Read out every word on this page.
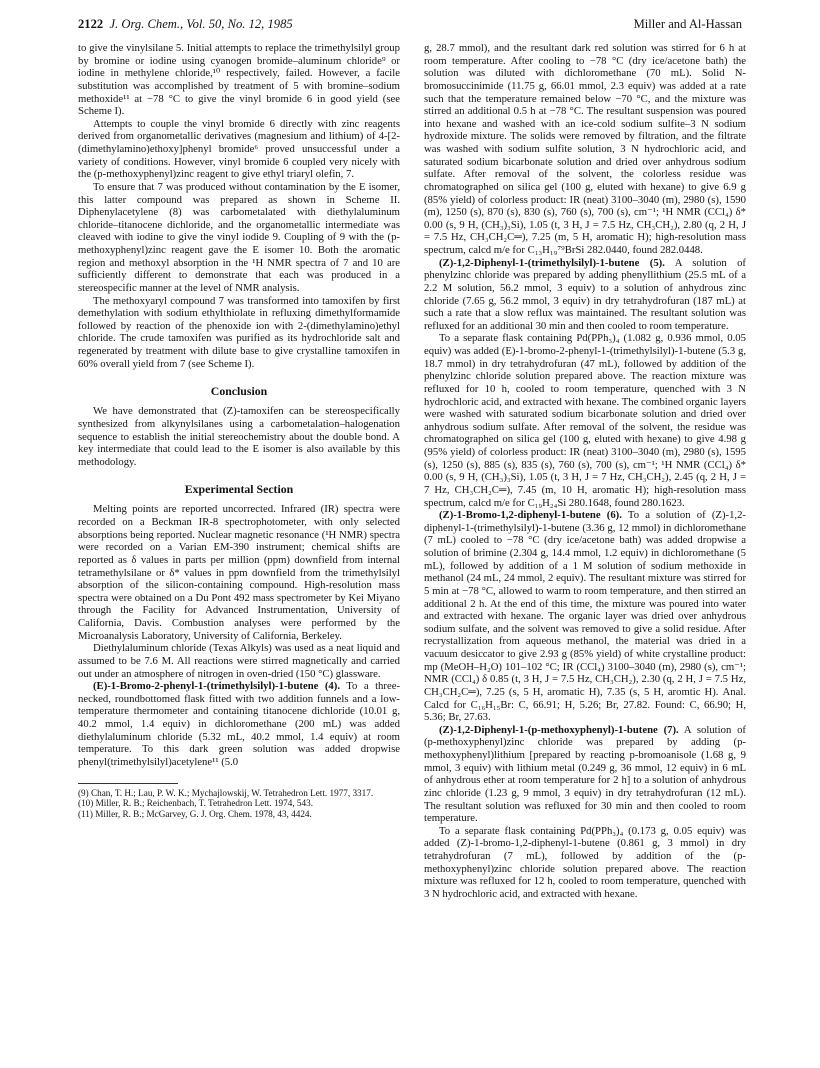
2122 J. Org. Chem., Vol. 50, No. 12, 1985	Miller and Al-Hassan

to give the vinylsilane 5. Initial attempts to replace the trimethylsilyl group by bromine or iodine using cyanogen bromide–aluminum chloride⁹ or iodine in methylene chloride,¹⁰ respectively, failed. However, a facile substitution was accomplished by treatment of 5 with bromine–sodium methoxide¹¹ at −78 °C to give the vinyl bromide 6 in good yield (see Scheme I).

Attempts to couple the vinyl bromide 6 directly with zinc reagents derived from organometallic derivatives (magnesium and lithium) of 4-[2-(dimethylamino)ethoxy]phenyl bromide⁶ proved unsuccessful under a variety of conditions. However, vinyl bromide 6 coupled very nicely with the (p-methoxyphenyl)zinc reagent to give ethyl triaryl olefin, 7.

To ensure that 7 was produced without contamination by the E isomer, this latter compound was prepared as shown in Scheme II. Diphenylacetylene (8) was carbometalated with diethylaluminum chloride–titanocene dichloride, and the organometallic intermediate was cleaved with iodine to give the vinyl iodide 9. Coupling of 9 with the (p-methoxyphenyl)zinc reagent gave the E isomer 10. Both the aromatic region and methoxyl absorption in the ¹H NMR spectra of 7 and 10 are sufficiently different to demonstrate that each was produced in a stereospecific manner at the level of NMR analysis.

The methoxyaryl compound 7 was transformed into tamoxifen by first demethylation with sodium ethylthiolate in refluxing dimethylformamide followed by reaction of the phenoxide ion with 2-(dimethylamino)ethyl chloride. The crude tamoxifen was purified as its hydrochloride salt and regenerated by treatment with dilute base to give crystalline tamoxifen in 60% overall yield from 7 (see Scheme I).

Conclusion

We have demonstrated that (Z)-tamoxifen can be stereospecifically synthesized from alkynylsilanes using a carbometalation–halogenation sequence to establish the initial stereochemistry about the double bond. A key intermediate that could lead to the E isomer is also available by this methodology.

Experimental Section

Melting points are reported uncorrected. Infrared (IR) spectra were recorded on a Beckman IR-8 spectrophotometer, with only selected absorptions being reported. Nuclear magnetic resonance (¹H NMR) spectra were recorded on a Varian EM-390 instrument; chemical shifts are reported as δ values in parts per million (ppm) downfield from internal tetramethylsilane or δ* values in ppm downfield from the trimethylsilyl absorption of the silicon-containing compound. High-resolution mass spectra were obtained on a Du Pont 492 mass spectrometer by Kei Miyano through the Facility for Advanced Instrumentation, University of California, Davis. Combustion analyses were performed by the Microanalysis Laboratory, University of California, Berkeley.

Diethylaluminum chloride (Texas Alkyls) was used as a neat liquid and assumed to be 7.6 M. All reactions were stirred magnetically and carried out under an atmosphere of nitrogen in oven-dried (150 °C) glassware.

(E)-1-Bromo-2-phenyl-1-(trimethylsilyl)-1-butene (4). To a three-necked, roundbottomed flask fitted with two addition funnels and a low-temperature thermometer and containing titanocene dichloride (10.01 g, 40.2 mmol, 1.4 equiv) in dichloromethane (200 mL) was added diethylaluminum chloride (5.32 mL, 40.2 mmol, 1.4 equiv) at room temperature. To this dark green solution was added dropwise phenyl(trimethylsilyl)acetylene¹¹ (5.0

(9) Chan, T. H.; Lau, P. W. K.; Mychajlowskij, W. Tetrahedron Lett. 1977, 3317.

(10) Miller, R. B.; Reichenbach, T. Tetrahedron Lett. 1974, 543.

(11) Miller, R. B.; McGarvey, G. J. Org. Chem. 1978, 43, 4424.

g, 28.7 mmol), and the resultant dark red solution was stirred for 6 h at room temperature. After cooling to −78 °C (dry ice/acetone bath) the solution was diluted with dichloromethane (70 mL). Solid N-bromosuccinimide (11.75 g, 66.01 mmol, 2.3 equiv) was added at a rate such that the temperature remained below −70 °C, and the mixture was stirred an additional 0.5 h at −78 °C. The resultant suspension was poured into hexane and washed with an ice-cold sodium sulfite–3 N sodium hydroxide mixture. The solids were removed by filtration, and the filtrate was washed with sodium sulfite solution, 3 N hydrochloric acid, and saturated sodium bicarbonate solution and dried over anhydrous sodium sulfate. After removal of the solvent, the colorless residue was chromatographed on silica gel (100 g, eluted with hexane) to give 6.9 g (85% yield) of colorless product: IR (neat) 3100–3040 (m), 2980 (s), 1590 (m), 1250 (s), 870 (s), 830 (s), 760 (s), 700 (s), cm⁻¹; ¹H NMR (CCl₄) δ* 0.00 (s, 9 H, (CH₃)₃Si), 1.05 (t, 3 H, J = 7.5 Hz, CH₃CH₂), 2.80 (q, 2 H, J = 7.5 Hz, CH₃CH₂C═), 7.25 (m, 5 H, aromatic H); high-resolution mass spectrum, calcd m/e for C₁₃H₁₉⁷⁹BrSi 282.0440, found 282.0448.

(Z)-1,2-Diphenyl-1-(trimethylsilyl)-1-butene (5). A solution of phenylzinc chloride was prepared by adding phenyllithium (25.5 mL of a 2.2 M solution, 56.2 mmol, 3 equiv) to a solution of anhydrous zinc chloride (7.65 g, 56.2 mmol, 3 equiv) in dry tetrahydrofuran (187 mL) at such a rate that a slow reflux was maintained. The resultant solution was refluxed for an additional 30 min and then cooled to room temperature.

To a separate flask containing Pd(PPh₃)₄ (1.082 g, 0.936 mmol, 0.05 equiv) was added (E)-1-bromo-2-phenyl-1-(trimethylsilyl)-1-butene (5.3 g, 18.7 mmol) in dry tetrahydrofuran (47 mL), followed by addition of the phenylzinc chloride solution prepared above. The reaction mixture was refluxed for 10 h, cooled to room temperature, quenched with 3 N hydrochloric acid, and extracted with hexane. The combined organic layers were washed with saturated sodium bicarbonate solution and dried over anhydrous sodium sulfate. After removal of the solvent, the residue was chromatographed on silica gel (100 g, eluted with hexane) to give 4.98 g (95% yield) of colorless product: IR (neat) 3100–3040 (m), 2980 (s), 1595 (s), 1250 (s), 885 (s), 835 (s), 760 (s), 700 (s), cm⁻¹; ¹H NMR (CCl₄) δ* 0.00 (s, 9 H, (CH₃)₃Si), 1.05 (t, 3 H, J = 7 Hz, CH₃CH₂), 2.45 (q, 2 H, J = 7 Hz, CH₃CH₂C═), 7.45 (m, 10 H, aromatic H); high-resolution mass spectrum, calcd m/e for C₁₉H₂₄Si 280.1648, found 280.1623.

(Z)-1-Bromo-1,2-diphenyl-1-butene (6). To a solution of (Z)-1,2-diphenyl-1-(trimethylsilyl)-1-butene (3.36 g, 12 mmol) in dichloromethane (7 mL) cooled to −78 °C (dry ice/acetone bath) was added dropwise a solution of brimine (2.304 g, 14.4 mmol, 1.2 equiv) in dichloromethane (5 mL), followed by addition of a 1 M solution of sodium methoxide in methanol (24 mL, 24 mmol, 2 equiv). The resultant mixture was stirred for 5 min at −78 °C, allowed to warm to room temperature, and then stirred an additional 2 h. At the end of this time, the mixture was poured into water and extracted with hexane. The organic layer was dried over anhydrous sodium sulfate, and the solvent was removed to give a solid residue. After recrystallization from aqueous methanol, the material was dried in a vacuum desiccator to give 2.93 g (85% yield) of white crystalline product: mp (MeOH–H₂O) 101–102 °C; IR (CCl₄) 3100–3040 (m), 2980 (s), cm⁻¹; NMR (CCl₄) δ 0.85 (t, 3 H, J = 7.5 Hz, CH₃CH₂), 2.30 (q, 2 H, J = 7.5 Hz, CH₃CH₂C═), 7.25 (s, 5 H, aromatic H), 7.35 (s, 5 H, aromtic H). Anal. Calcd for C₁₆H₁₅Br: C, 66.91; H, 5.26; Br, 27.82. Found: C, 66.90; H, 5.36; Br, 27.63.

(Z)-1,2-Diphenyl-1-(p-methoxyphenyl)-1-butene (7). A solution of (p-methoxyphenyl)zinc chloride was prepared by adding (p-methoxyphenyl)lithium [prepared by reacting p-bromoanisole (1.68 g, 9 mmol, 3 equiv) with lithium metal (0.249 g, 36 mmol, 12 equiv) in 6 mL of anhydrous ether at room temperature for 2 h] to a solution of anhydrous zinc chloride (1.23 g, 9 mmol, 3 equiv) in dry tetrahydrofuran (12 mL). The resultant solution was refluxed for 30 min and then cooled to room temperature.

To a separate flask containing Pd(PPh₃)₄ (0.173 g, 0.05 equiv) was added (Z)-1-bromo-1,2-diphenyl-1-butene (0.861 g, 3 mmol) in dry tetrahydrofuran (7 mL), followed by addition of the (p-methoxyphenyl)zinc chloride solution prepared above. The reaction mixture was refluxed for 12 h, cooled to room temperature, quenched with 3 N hydrochloric acid, and extracted with hexane.
